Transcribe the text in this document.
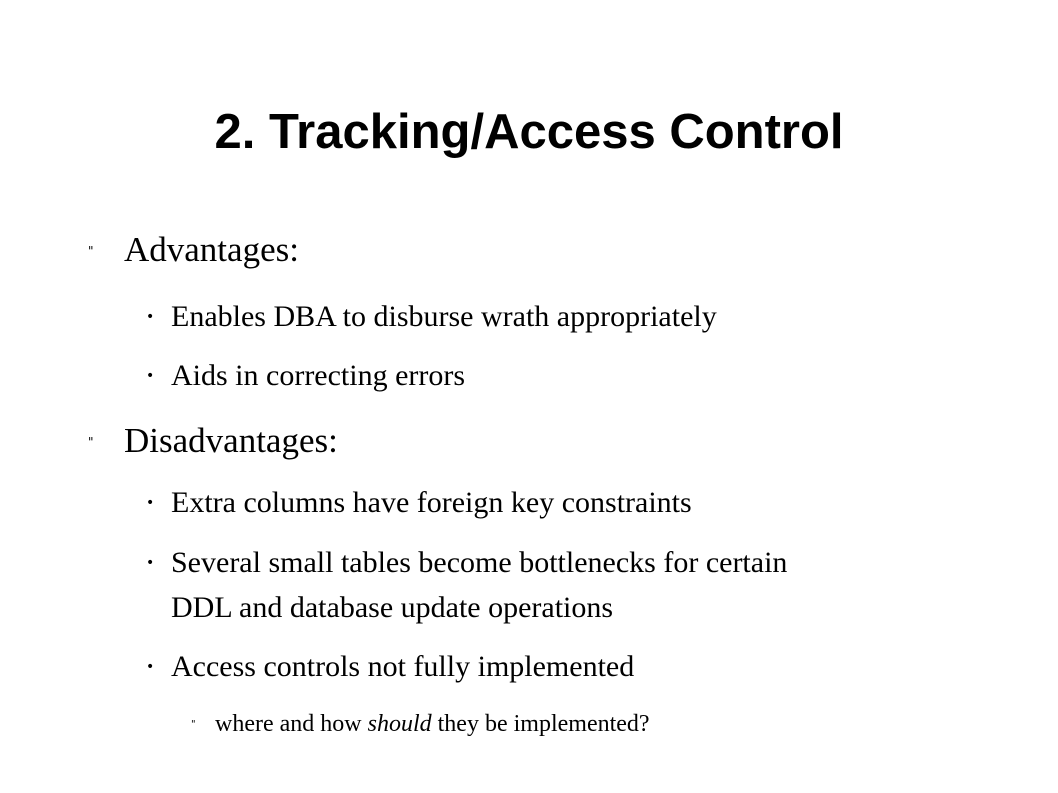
2. Tracking/Access Control
" Advantages:
• Enables DBA to disburse wrath appropriately
• Aids in correcting errors
" Disadvantages:
• Extra columns have foreign key constraints
• Several small tables become bottlenecks for certain
DDL and database update operations
• Access controls not fully implemented
" where and how should they be implemented?
